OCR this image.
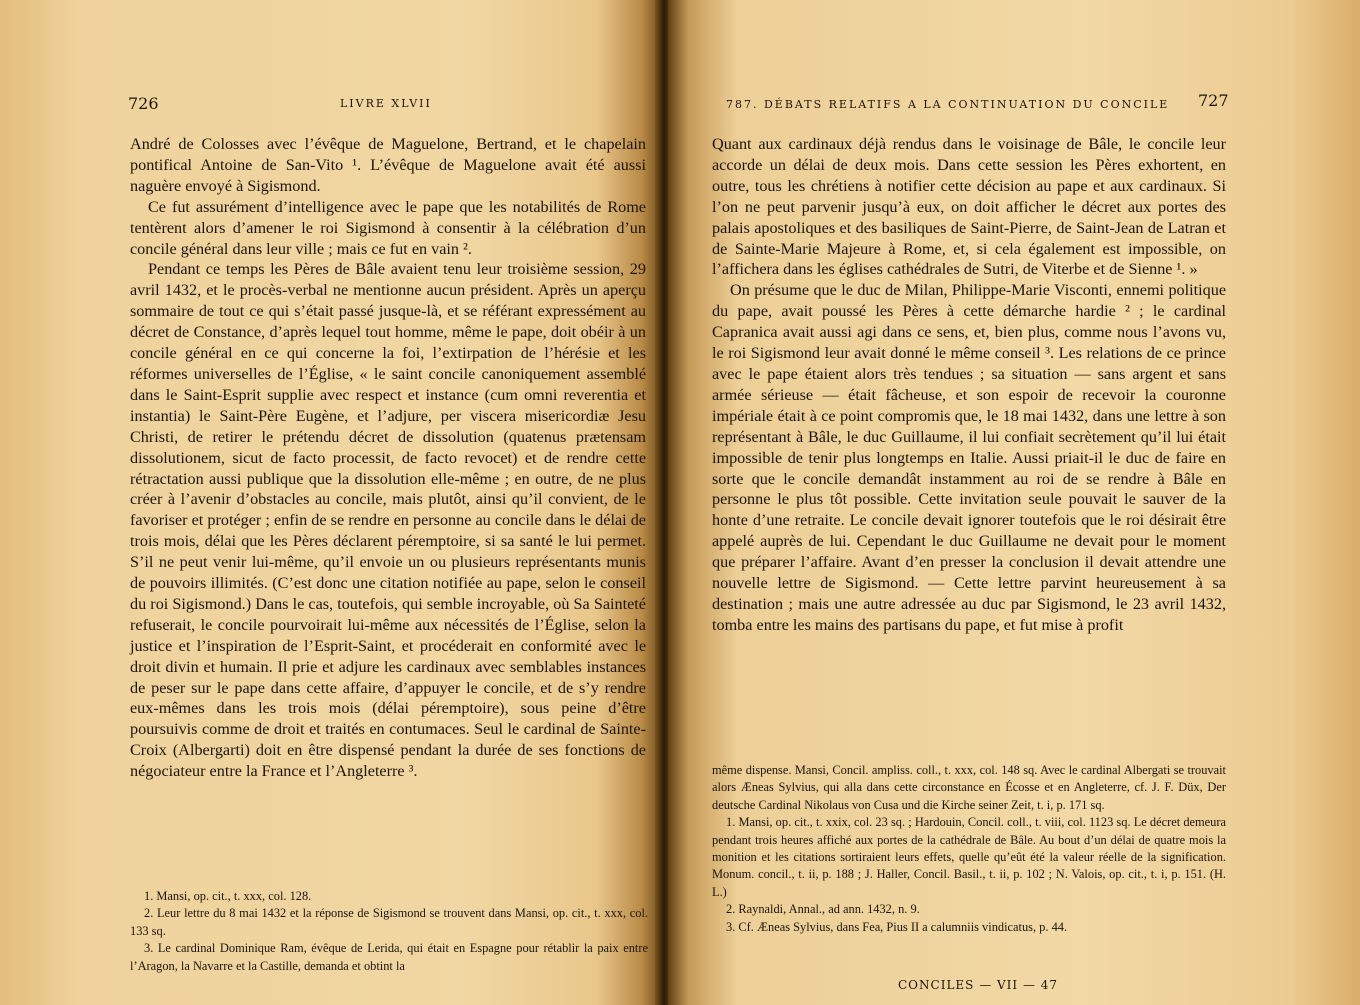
726	LIVRE XLVII

André de Colosses avec l’évêque de Maguelone, Bertrand, et le chapelain pontifical Antoine de San-Vito ¹. L’évêque de Maguelone avait été aussi naguère envoyé à Sigismond.

Ce fut assurément d’intelligence avec le pape que les notabilités de Rome tentèrent alors d’amener le roi Sigismond à consentir à la célébration d’un concile général dans leur ville ; mais ce fut en vain ².

Pendant ce temps les Pères de Bâle avaient tenu leur troisième session, 29 avril 1432, et le procès-verbal ne mentionne aucun président. Après un aperçu sommaire de tout ce qui s’était passé jusque-là, et se référant expressément au décret de Constance, d’après lequel tout homme, même le pape, doit obéir à un concile général en ce qui concerne la foi, l’extirpation de l’hérésie et les réformes universelles de l’Église, « le saint concile canoniquement assemblé dans le Saint-Esprit supplie avec respect et instance (cum omni reverentia et instantia) le Saint-Père Eugène, et l’adjure, per viscera misericordiæ Jesu Christi, de retirer le prétendu décret de dissolution (quatenus prætensam dissolutionem, sicut de facto processit, de facto revocet) et de rendre cette rétractation aussi publique que la dissolution elle-même ; en outre, de ne plus créer à l’avenir d’obstacles au concile, mais plutôt, ainsi qu’il convient, de le favoriser et protéger ; enfin de se rendre en personne au concile dans le délai de trois mois, délai que les Pères déclarent péremptoire, si sa santé le lui permet. S’il ne peut venir lui-même, qu’il envoie un ou plusieurs représentants munis de pouvoirs illimités. (C’est donc une citation notifiée au pape, selon le conseil du roi Sigismond.) Dans le cas, toutefois, qui semble incroyable, où Sa Sainteté refuserait, le concile pourvoirait lui-même aux nécessités de l’Église, selon la justice et l’inspiration de l’Esprit-Saint, et procéderait en conformité avec le droit divin et humain. Il prie et adjure les cardinaux avec semblables instances de peser sur le pape dans cette affaire, d’appuyer le concile, et de s’y rendre eux-mêmes dans les trois mois (délai péremptoire), sous peine d’être poursuivis comme de droit et traités en contumaces. Seul le cardinal de Sainte-Croix (Albergarti) doit en être dispensé pendant la durée de ses fonctions de négociateur entre la France et l’Angleterre ³.

1. Mansi, op. cit., t. xxx, col. 128.

2. Leur lettre du 8 mai 1432 et la réponse de Sigismond se trouvent dans Mansi, op. cit., t. xxx, col. 133 sq.

3. Le cardinal Dominique Ram, évêque de Lerida, qui était en Espagne pour rétablir la paix entre l’Aragon, la Navarre et la Castille, demanda et obtint la

787. DÉBATS RELATIFS A LA CONTINUATION DU CONCILE 727

Quant aux cardinaux déjà rendus dans le voisinage de Bâle, le concile leur accorde un délai de deux mois. Dans cette session les Pères exhortent, en outre, tous les chrétiens à notifier cette décision au pape et aux cardinaux. Si l’on ne peut parvenir jusqu’à eux, on doit afficher le décret aux portes des palais apostoliques et des basiliques de Saint-Pierre, de Saint-Jean de Latran et de Sainte-Marie Majeure à Rome, et, si cela également est impossible, on l’affichera dans les églises cathédrales de Sutri, de Viterbe et de Sienne ¹. »

On présume que le duc de Milan, Philippe-Marie Visconti, ennemi politique du pape, avait poussé les Pères à cette démarche hardie ² ; le cardinal Capranica avait aussi agi dans ce sens, et, bien plus, comme nous l’avons vu, le roi Sigismond leur avait donné le même conseil ³. Les relations de ce prince avec le pape étaient alors très tendues ; sa situation — sans argent et sans armée sérieuse — était fâcheuse, et son espoir de recevoir la couronne impériale était à ce point compromis que, le 18 mai 1432, dans une lettre à son représentant à Bâle, le duc Guillaume, il lui confiait secrètement qu’il lui était impossible de tenir plus longtemps en Italie. Aussi priait-il le duc de faire en sorte que le concile demandât instamment au roi de se rendre à Bâle en personne le plus tôt possible. Cette invitation seule pouvait le sauver de la honte d’une retraite. Le concile devait ignorer toutefois que le roi désirait être appelé auprès de lui. Cependant le duc Guillaume ne devait pour le moment que préparer l’affaire. Avant d’en presser la conclusion il devait attendre une nouvelle lettre de Sigismond. — Cette lettre parvint heureusement à sa destination ; mais une autre adressée au duc par Sigismond, le 23 avril 1432, tomba entre les mains des partisans du pape, et fut mise à profit

même dispense. Mansi, Concil. ampliss. coll., t. xxx, col. 148 sq. Avec le cardinal Albergati se trouvait alors Æneas Sylvius, qui alla dans cette circonstance en Écosse et en Angleterre, cf. J. F. Düx, Der deutsche Cardinal Nikolaus von Cusa und die Kirche seiner Zeit, t. i, p. 171 sq.

1. Mansi, op. cit., t. xxix, col. 23 sq. ; Hardouin, Concil. coll., t. viii, col. 1123 sq. Le décret demeura pendant trois heures affiché aux portes de la cathédrale de Bâle. Au bout d’un délai de quatre mois la monition et les citations sortiraient leurs effets, quelle qu’eût été la valeur réelle de la signification. Monum. concil., t. ii, p. 188 ; J. Haller, Concil. Basil., t. ii, p. 102 ; N. Valois, op. cit., t. i, p. 151. (H. L.)

2. Raynaldi, Annal., ad ann. 1432, n. 9.

3. Cf. Æneas Sylvius, dans Fea, Pius II a calumniis vindicatus, p. 44.

CONCILES — VII — 47
